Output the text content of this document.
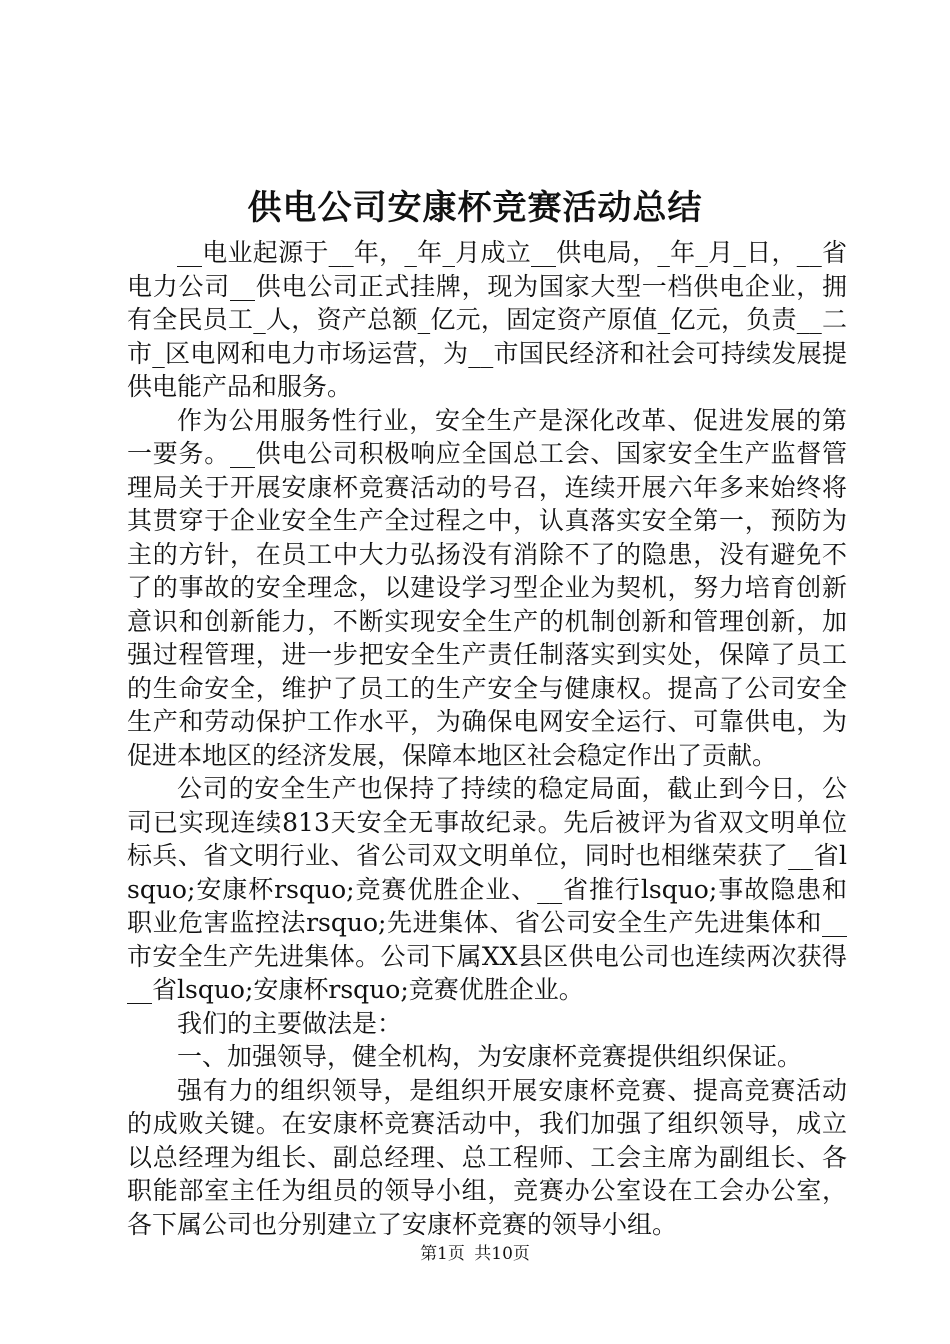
供电公司安康杯竞赛活动总结

__电业起源于__年，_年_月成立__供电局，_年_月_日，__省电力公司__供电公司正式挂牌，现为国家大型一档供电企业，拥有全民员工_人，资产总额_亿元，固定资产原值_亿元，负责__二市_区电网和电力市场运营，为__市国民经济和社会可持续发展提供电能产品和服务。

作为公用服务性行业，安全生产是深化改革、促进发展的第一要务。__供电公司积极响应全国总工会、国家安全生产监督管理局关于开展安康杯竞赛活动的号召，连续开展六年多来始终将其贯穿于企业安全生产全过程之中，认真落实安全第一，预防为主的方针，在员工中大力弘扬没有消除不了的隐患，没有避免不了的事故的安全理念，以建设学习型企业为契机，努力培育创新意识和创新能力，不断实现安全生产的机制创新和管理创新，加强过程管理，进一步把安全生产责任制落实到实处，保障了员工的生命安全，维护了员工的生产安全与健康权。提高了公司安全生产和劳动保护工作水平，为确保电网安全运行、可靠供电，为促进本地区的经济发展，保障本地区社会稳定作出了贡献。

公司的安全生产也保持了持续的稳定局面，截止到今日，公司已实现连续813天安全无事故纪录。先后被评为省双文明单位标兵、省文明行业、省公司双文明单位，同时也相继荣获了__省lsquo;安康杯rsquo;竞赛优胜企业、__省推行lsquo;事故隐患和职业危害监控法rsquo;先进集体、省公司安全生产先进集体和__市安全生产先进集体。公司下属XX县区供电公司也连续两次获得__省lsquo;安康杯rsquo;竞赛优胜企业。

我们的主要做法是：

一、加强领导，健全机构，为安康杯竞赛提供组织保证。

强有力的组织领导，是组织开展安康杯竞赛、提高竞赛活动的成败关键。在安康杯竞赛活动中，我们加强了组织领导，成立以总经理为组长、副总经理、总工程师、工会主席为副组长、各职能部室主任为组员的领导小组，竞赛办公室设在工会办公室，各下属公司也分别建立了安康杯竞赛的领导小组。

第1页 共10页
